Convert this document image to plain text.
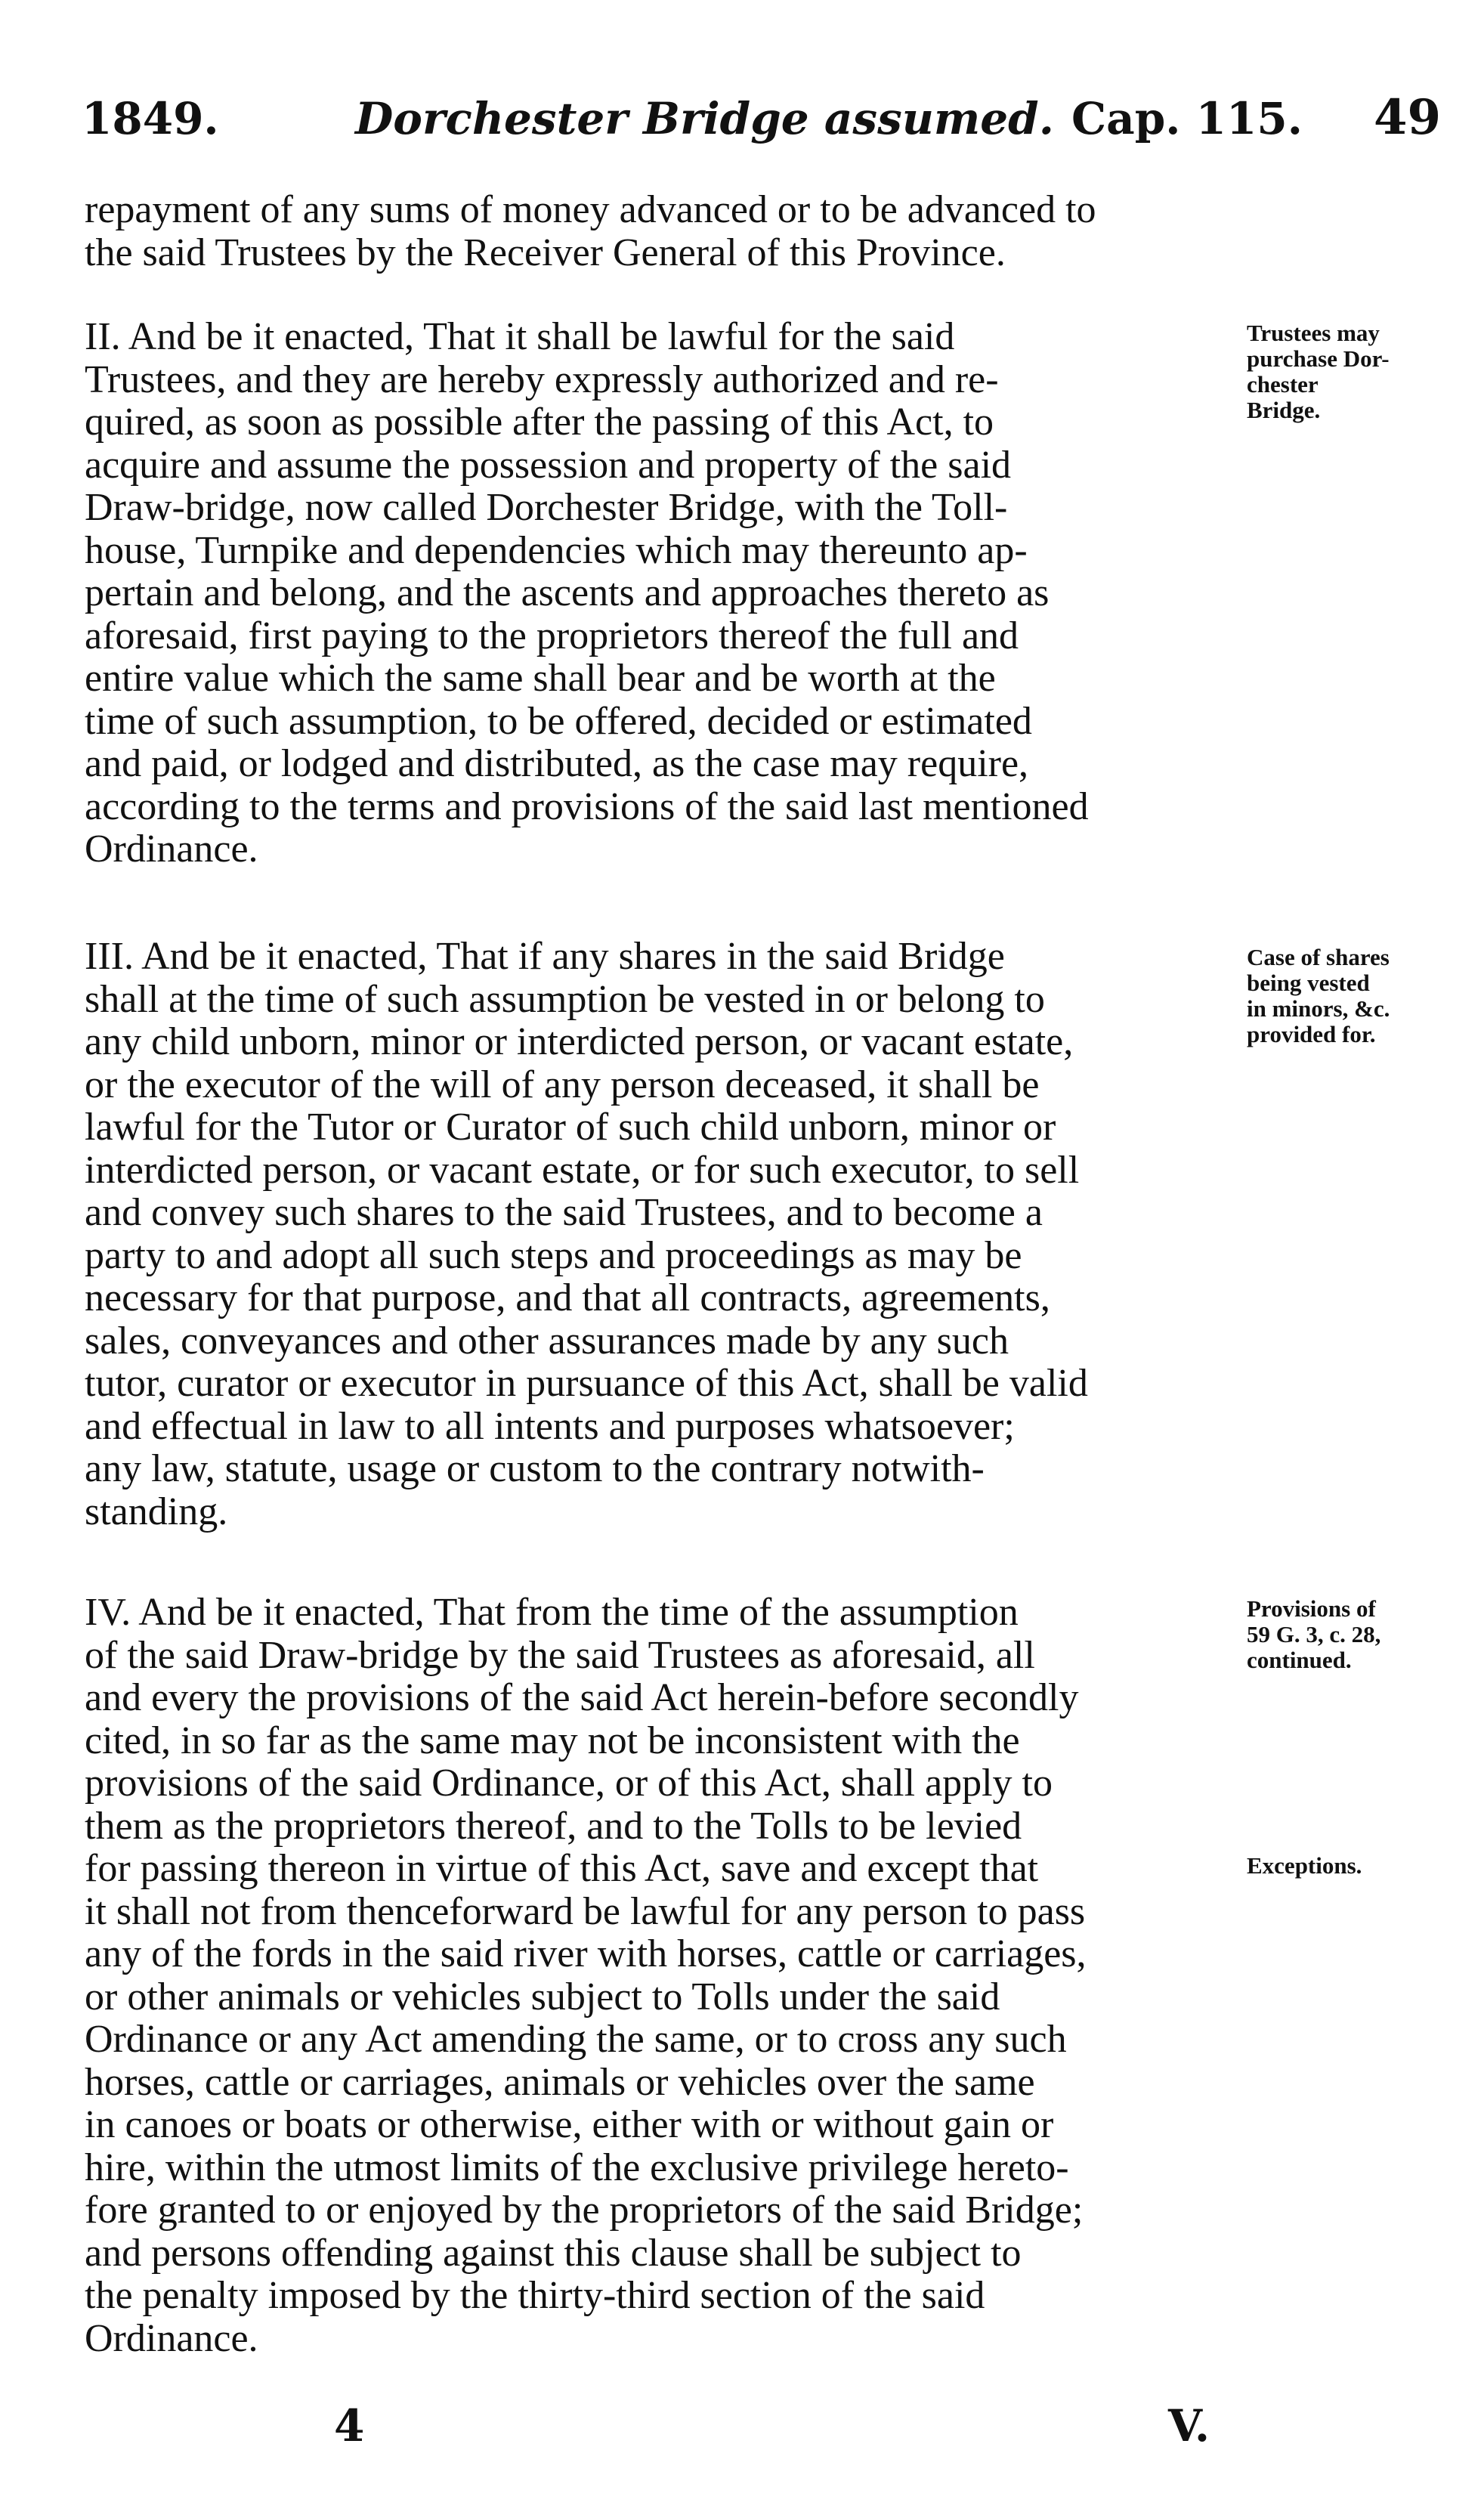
1849.	Dorchester Bridge assumed. Cap. 115. 49
repayment of any sums of money advanced or to be advanced to
the said Trustees by the Receiver General of this Province.
II. And be it enacted, That it shall be lawful for the said
Trustees, and they are hereby expressly authorized and re-
quired, as soon as possible after the passing of this Act, to
acquire and assume the possession and property of the said
Draw-bridge, now called Dorchester Bridge, with the Toll-
house, Turnpike and dependencies which may thereunto ap-
pertain and belong, and the ascents and approaches thereto as
aforesaid, first paying to the proprietors thereof the full and
entire value which the same shall bear and be worth at the
time of such assumption, to be offered, decided or estimated
and paid, or lodged and distributed, as the case may require,
according to the terms and provisions of the said last mentioned
Ordinance.
III. And be it enacted, That if any shares in the said Bridge
shall at the time of such assumption be vested in or belong to
any child unborn, minor or interdicted person, or vacant estate,
or the executor of the will of any person deceased, it shall be
lawful for the Tutor or Curator of such child unborn, minor or
interdicted person, or vacant estate, or for such executor, to sell
and convey such shares to the said Trustees, and to become a
party to and adopt all such steps and proceedings as may be
necessary for that purpose, and that all contracts, agreements,
sales, conveyances and other assurances made by any such
tutor, curator or executor in pursuance of this Act, shall be valid
and effectual in law to all intents and purposes whatsoever;
any law, statute, usage or custom to the contrary notwith-
standing.
IV. And be it enacted, That from the time of the assumption
of the said Draw-bridge by the said Trustees as aforesaid, all
and every the provisions of the said Act herein-before secondly
cited, in so far as the same may not be inconsistent with the
provisions of the said Ordinance, or of this Act, shall apply to
them as the proprietors thereof, and to the Tolls to be levied
for passing thereon in virtue of this Act, save and except that
it shall not from thenceforward be lawful for any person to pass
any of the fords in the said river with horses, cattle or carriages,
or other animals or vehicles subject to Tolls under the said
Ordinance or any Act amending the same, or to cross any such
horses, cattle or carriages, animals or vehicles over the same
in canoes or boats or otherwise, either with or without gain or
hire, within the utmost limits of the exclusive privilege hereto-
fore granted to or enjoyed by the proprietors of the said Bridge;
and persons offending against this clause shall be subject to
the penalty imposed by the thirty-third section of the said
Ordinance.
Trustees may
purchase Dor-
chester
Bridge.
Case of shares
being vested
in minors, &c.
provided for.
Provisions of
59 G. 3, c. 28,
continued.
Exceptions.
4	V.
